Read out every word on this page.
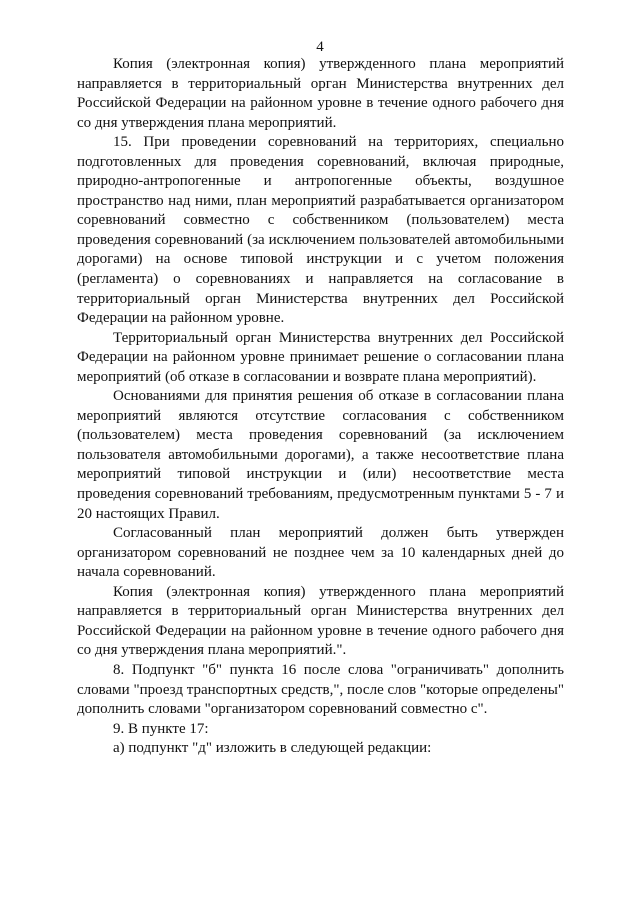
4

Копия (электронная копия) утвержденного плана мероприятий направляется в территориальный орган Министерства внутренних дел Российской Федерации на районном уровне в течение одного рабочего дня со дня утверждения плана мероприятий.

15. При проведении соревнований на территориях, специально подготовленных для проведения соревнований, включая природные, природно-антропогенные и антропогенные объекты, воздушное пространство над ними, план мероприятий разрабатывается организатором соревнований совместно с собственником (пользователем) места проведения соревнований (за исключением пользователей автомобильными дорогами) на основе типовой инструкции и с учетом положения (регламента) о соревнованиях и направляется на согласование в территориальный орган Министерства внутренних дел Российской Федерации на районном уровне.

Территориальный орган Министерства внутренних дел Российской Федерации на районном уровне принимает решение о согласовании плана мероприятий (об отказе в согласовании и возврате плана мероприятий).

Основаниями для принятия решения об отказе в согласовании плана мероприятий являются отсутствие согласования с собственником (пользователем) места проведения соревнований (за исключением пользователя автомобильными дорогами), а также несоответствие плана мероприятий типовой инструкции и (или) несоответствие места проведения соревнований требованиям, предусмотренным пунктами 5 - 7 и 20 настоящих Правил.

Согласованный план мероприятий должен быть утвержден организатором соревнований не позднее чем за 10 календарных дней до начала соревнований.

Копия (электронная копия) утвержденного плана мероприятий направляется в территориальный орган Министерства внутренних дел Российской Федерации на районном уровне в течение одного рабочего дня со дня утверждения плана мероприятий.".

8. Подпункт "б" пункта 16 после слова "ограничивать" дополнить словами "проезд транспортных средств,", после слов "которые определены" дополнить словами "организатором соревнований совместно с".

9. В пункте 17:

а) подпункт "д" изложить в следующей редакции:
